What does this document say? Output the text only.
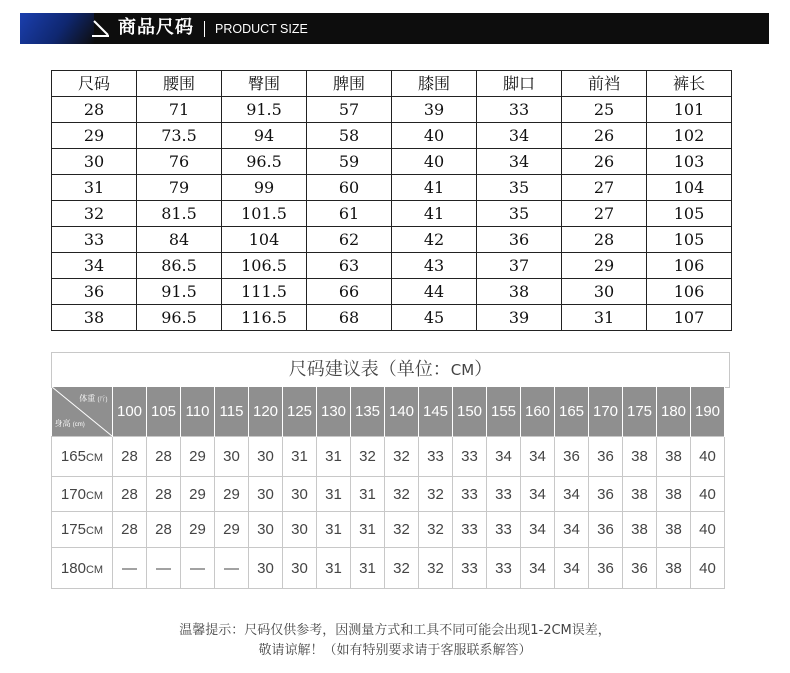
商品尺码 PRODUCT SIZE
尺码	腰围	臀围	脾围	膝围	脚口	前裆	裤长
28	71	91.5	57	39	33	25	101
29	73.5	94	58	40	34	26	102
30	76	96.5	59	40	34	26	103
31	79	99	60	41	35	27	104
32	81.5	101.5	61	41	35	27	105
33	84	104	62	42	36	28	105
34	86.5	106.5	63	43	37	29	106
36	91.5	111.5	66	44	38	30	106
38	96.5	116.5	68	45	39	31	107
尺码建议表（单位：CM）
体重 (斤)
身高 (cm)	100	105	110	115	120	125	130	135	140	145	150	155	160	165	170	175	180	190
165CM	28	28	29	30	30	31	31	32	32	33	33	34	34	36	36	38	38	40
170CM	28	28	29	29	30	30	31	31	32	32	33	33	34	34	36	38	38	40
175CM	28	28	29	29	30	30	31	31	32	32	33	33	34	34	36	38	38	40
180CM	—	—	—	—	30	30	31	31	32	32	33	33	34	34	36	36	38	40
温馨提示：尺码仅供参考，因测量方式和工具不同可能会出现1-2CM误差，
敬请谅解！（如有特别要求请于客服联系解答）
